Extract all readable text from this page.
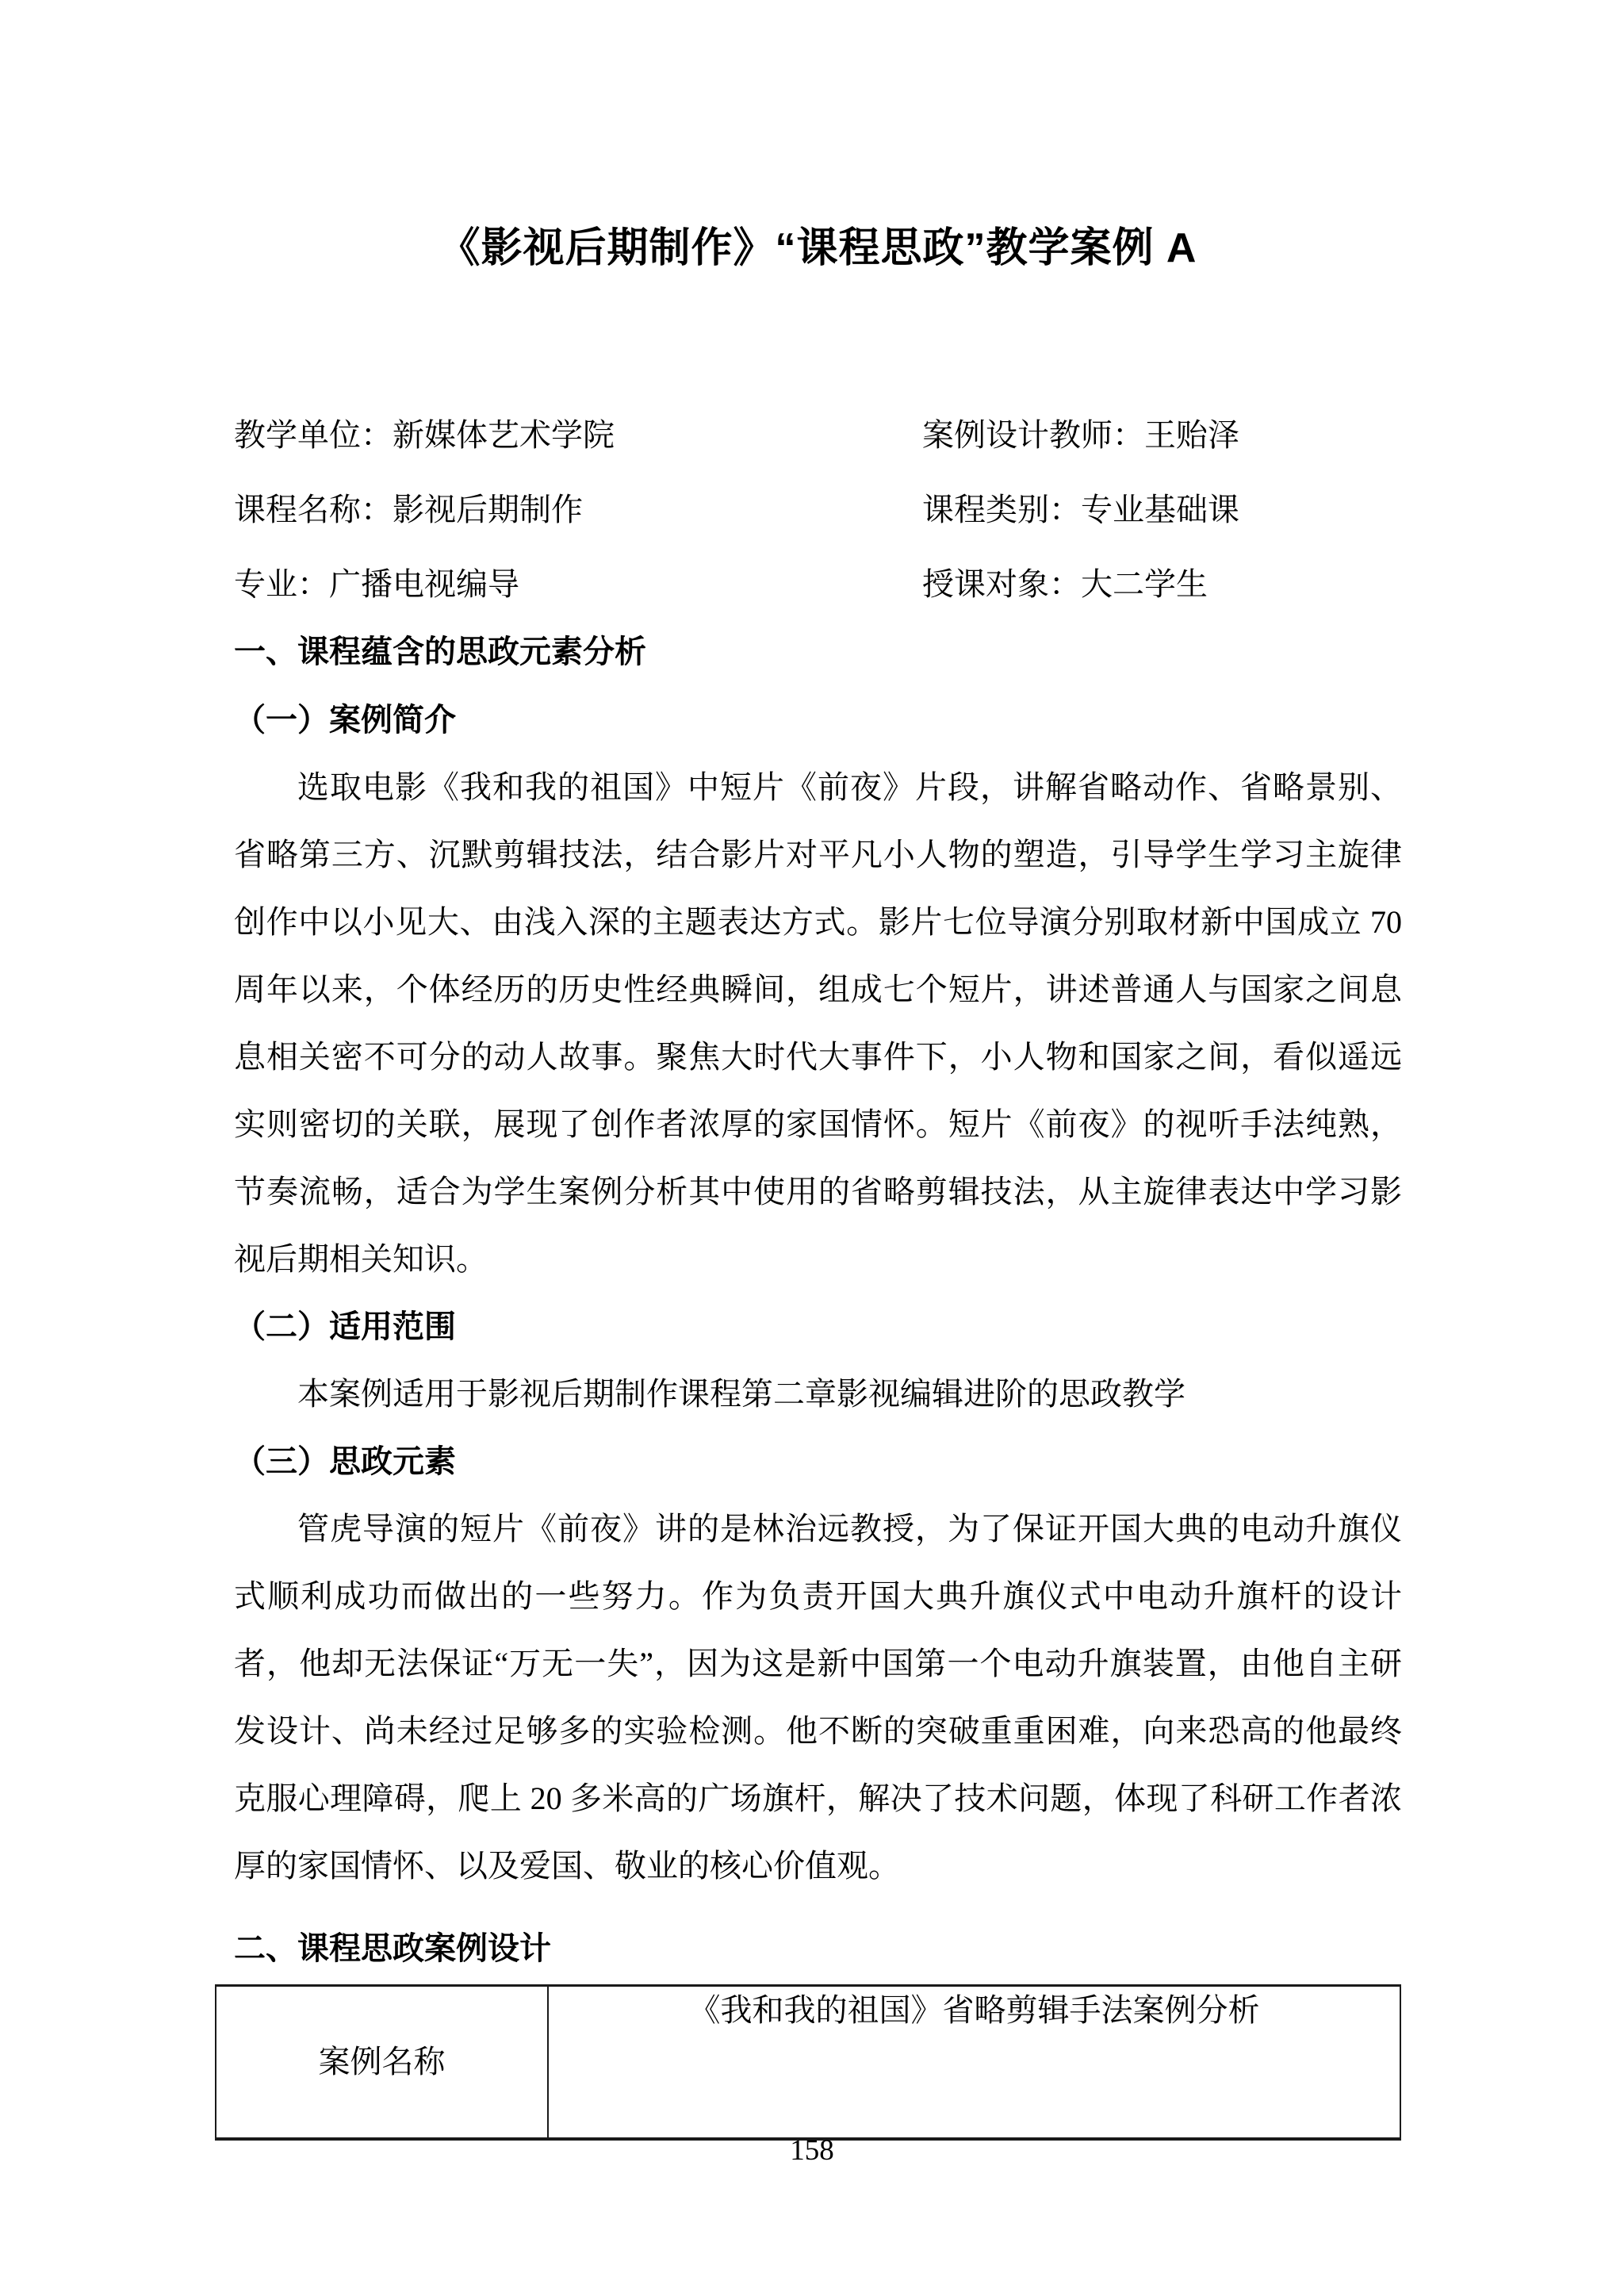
《影视后期制作》“课程思政”教学案例 A
教学单位：新媒体艺术学院	案例设计教师：王贻泽
课程名称：影视后期制作	课程类别：专业基础课
专业：广播电视编导	授课对象：大二学生
一、课程蕴含的思政元素分析
（一）案例简介

选取电影《我和我的祖国》中短片《前夜》片段，讲解省略动作、省略景别、省略第三方、沉默剪辑技法，结合影片对平凡小人物的塑造，引导学生学习主旋律创作中以小见大、由浅入深的主题表达方式。影片七位导演分别取材新中国成立 70 周年以来，个体经历的历史性经典瞬间，组成七个短片，讲述普通人与国家之间息息相关密不可分的动人故事。聚焦大时代大事件下，小人物和国家之间，看似遥远实则密切的关联，展现了创作者浓厚的家国情怀。短片《前夜》的视听手法纯熟，节奏流畅，适合为学生案例分析其中使用的省略剪辑技法，从主旋律表达中学习影视后期相关知识。

（二）适用范围

本案例适用于影视后期制作课程第二章影视编辑进阶的思政教学

（三）思政元素

管虎导演的短片《前夜》讲的是林治远教授，为了保证开国大典的电动升旗仪式顺利成功而做出的一些努力。作为负责开国大典升旗仪式中电动升旗杆的设计者，他却无法保证“万无一失”，因为这是新中国第一个电动升旗装置，由他自主研发设计、尚未经过足够多的实验检测。他不断的突破重重困难，向来恐高的他最终克服心理障碍，爬上 20 多米高的广场旗杆，解决了技术问题，体现了科研工作者浓厚的家国情怀、以及爱国、敬业的核心价值观。

二、课程思政案例设计
案例名称	《我和我的祖国》省略剪辑手法案例分析
158
